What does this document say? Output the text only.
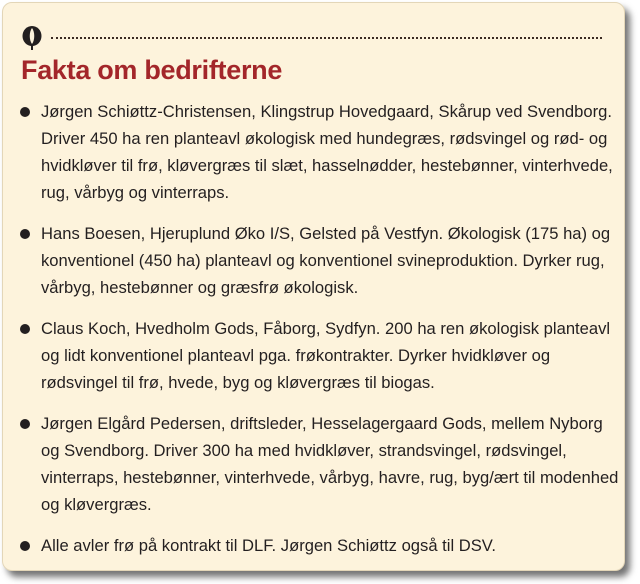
Fakta om bedrifterne
Jørgen Schiøttz-Christensen, Klingstrup Hovedgaard, Skårup ved Svendborg. Driver 450 ha ren planteavl økologisk med hundegræs, rødsvingel og rød- og hvidkløver til frø, kløvergræs til slæt, hasselnødder, hestebønner, vinterhvede, rug, vårbyg og vinterraps.
Hans Boesen, Hjeruplund Øko I/S, Gelsted på Vestfyn. Økologisk (175 ha) og konventionel (450 ha) planteavl og konventionel svineproduktion. Dyrker rug, vårbyg, hestebønner og græsfrø økologisk.
Claus Koch, Hvedholm Gods, Fåborg, Sydfyn. 200 ha ren økologisk planteavl og lidt konventionel planteavl pga. frøkontrakter. Dyrker hvidkløver og rødsvingel til frø, hvede, byg og kløvergræs til biogas.
Jørgen Elgård Pedersen, driftsleder, Hesselagergaard Gods, mellem Nyborg og Svendborg. Driver 300 ha med hvidkløver, strandsvingel, rødsvingel, vinterraps, hestebønner, vinterhvede, vårbyg, havre, rug, byg/ært til modenhed og kløvergræs.
Alle avler frø på kontrakt til DLF. Jørgen Schiøttz også til DSV.
